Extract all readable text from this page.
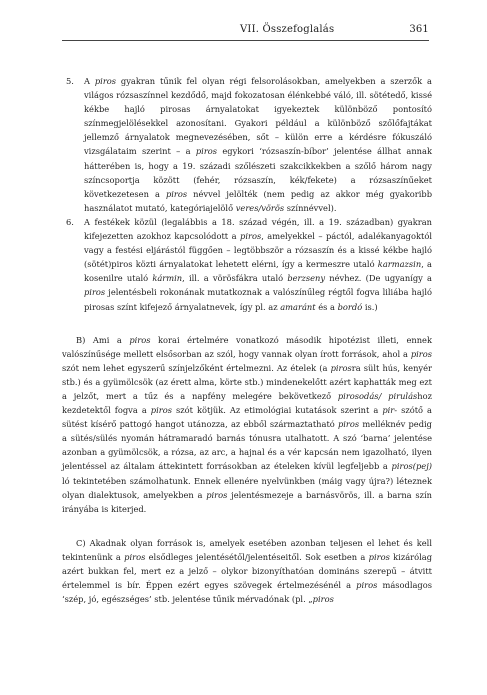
VII. Összefoglalás	361
5. A piros gyakran tűnik fel olyan régi felsorolásokban, amelyekben a szerzők a világos rózsaszínnel kezdődő, majd fokozatosan élénkebbé váló, ill. sötétedő, kissé kékbe hajló pirosas árnyalatokat igyekeztek különböző pontosító színmegjelölésekkel azonosítani. Gyakori például a különböző szőlőfajtákat jellemző árnyalatok megnevezésében, sőt – külön erre a kérdésre fókuszáló vizsgálataim szerint – a piros egykori ‘rózsaszín-bíbor’ jelentése állhat annak hátterében is, hogy a 19. századi szőlészeti szakcikkekben a szőlő három nagy színcsoportja között (fehér, rózsaszín, kék/fekete) a rózsaszínűeket következetesen a piros névvel jelölték (nem pedig az akkor még gyakoribb használatot mutató, kategóriajelölő veres/vörös színnévvel).

6. A festékek közül (legalábbis a 18. század végén, ill. a 19. században) gyakran kifejezetten azokhoz kapcsolódott a piros, amelyekkel – páctól, adalékanyagoktól vagy a festési eljárástól függően – legtöbbször a rózsaszín és a kissé kékbe hajló (sötét)piros közti árnyalatokat lehetett elérni, így a kermeszre utaló karmazsin, a kosenilre utaló kármin, ill. a vörösfákra utaló berzseny névhez. (De ugyanígy a piros jelentésbeli rokonának mutatkoznak a valószínűleg régtől fogva liliába hajló pirosas színt kifejező árnyalatnevek, így pl. az amaránt és a bordó is.)

B) Ami a piros korai értelmére vonatkozó második hipotézist illeti, ennek valószínűsége mellett elsősorban az szól, hogy vannak olyan írott források, ahol a piros szót nem lehet egyszerű színjelzőként értelmezni. Az ételek (a pirosra sült hús, kenyér stb.) és a gyümölcsök (az érett alma, körte stb.) mindenekelőtt azért kaphatták meg ezt a jelzőt, mert a tűz és a napfény melegére bekövetkező pirosodás/ piruláshoz kezdetektől fogva a piros szót kötjük. Az etimológiai kutatások szerint a pir- szótő a sütést kísérő pattogó hangot utánozza, az ebből származtatható piros melléknév pedig a sütés/sülés nyomán hátramaradó barnás tónusra utalhatott. A szó ‘barna’ jelentése azonban a gyümölcsök, a rózsa, az arc, a hajnal és a vér kapcsán nem igazolható, ilyen jelentéssel az általam áttekintett forrásokban az ételeken kívül legfeljebb a piros(pej) ló tekintetében számolhatunk. Ennek ellenére nyelvünkben (máig vagy újra?) léteznek olyan dialektusok, amelyekben a piros jelentésmezeje a barnásvörös, ill. a barna szín irányába is kiterjed.

C) Akadnak olyan források is, amelyek esetében azonban teljesen el lehet és kell tekintenünk a piros elsődleges jelentésétől/jelentéseitől. Sok esetben a piros kizárólag azért bukkan fel, mert ez a jelző – olykor bizonyíthatóan domináns szerepű – átvitt értelemmel is bír. Éppen ezért egyes szövegek értelmezésénél a piros másodlagos ‘szép, jó, egészséges’ stb. jelentése tűnik mérvadónak (pl. „piros
